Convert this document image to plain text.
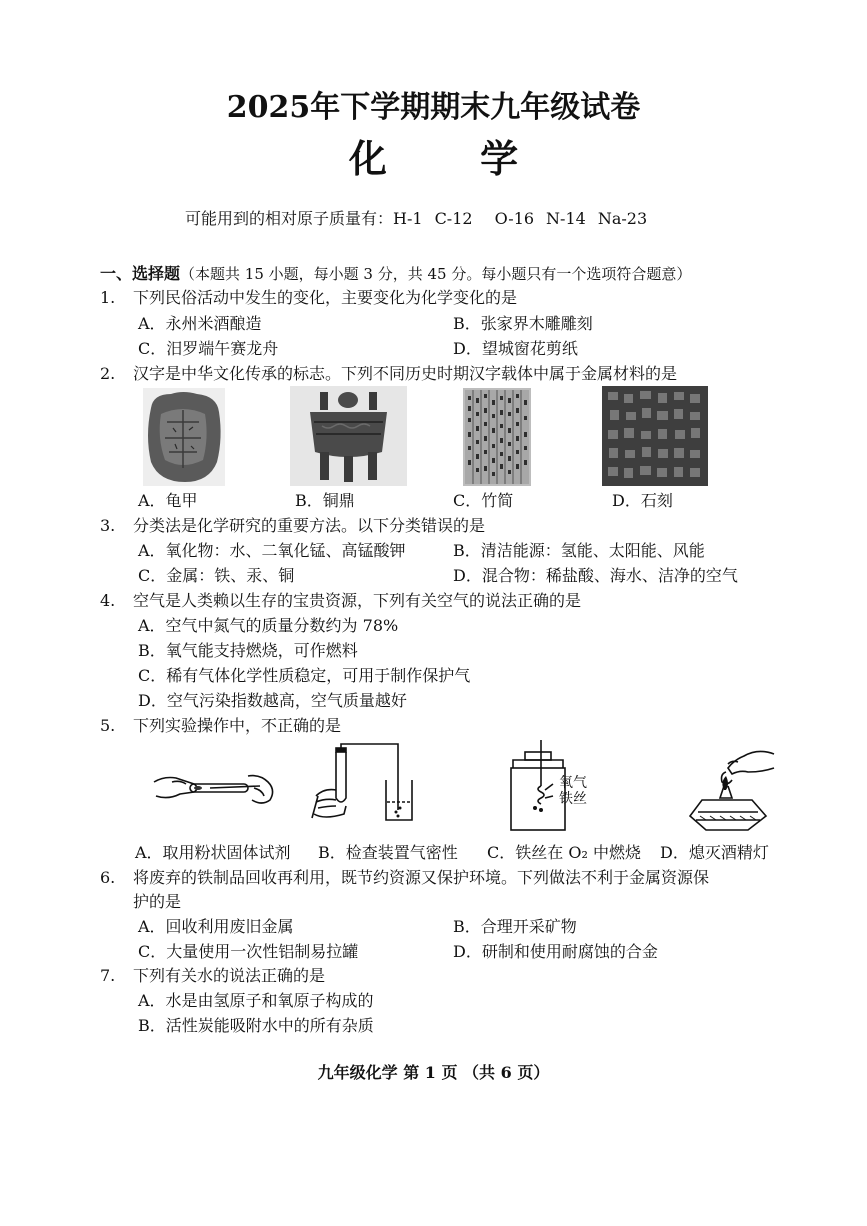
2025年下学期期末九年级试卷
化 学
可能用到的相对原子质量有：H-1 C-12 O-16 N-14 Na-23
一、选择题（本题共 15 小题，每小题 3 分，共 45 分。每小题只有一个选项符合题意）
1. 下列民俗活动中发生的变化，主要变化为化学变化的是
A．永州米酒酿造	B．张家界木雕雕刻
C．汨罗端午赛龙舟	D．望城窗花剪纸
2. 汉字是中华文化传承的标志。下列不同历史时期汉字载体中属于金属材料的是
A．龟甲	B．铜鼎	C．竹简	D．石刻
3. 分类法是化学研究的重要方法。以下分类错误的是
A．氧化物：水、二氧化锰、高锰酸钾	B．清洁能源：氢能、太阳能、风能
C．金属：铁、汞、铜	D．混合物：稀盐酸、海水、洁净的空气
4. 空气是人类赖以生存的宝贵资源，下列有关空气的说法正确的是
A．空气中氮气的质量分数约为 78%
B．氧气能支持燃烧，可作燃料
C．稀有气体化学性质稳定，可用于制作保护气
D．空气污染指数越高，空气质量越好
5. 下列实验操作中，不正确的是
氧气
铁丝
A．取用粉状固体试剂 B．检查装置气密性 C．铁丝在 O₂ 中燃烧 D．熄灭酒精灯
6. 将废弃的铁制品回收再利用，既节约资源又保护环境。下列做法不利于金属资源保
护的是
A．回收利用废旧金属	B．合理开采矿物
C．大量使用一次性铝制易拉罐	D．研制和使用耐腐蚀的合金
7. 下列有关水的说法正确的是
A．水是由氢原子和氧原子构成的
B．活性炭能吸附水中的所有杂质
九年级化学 第 1 页 （共 6 页）
